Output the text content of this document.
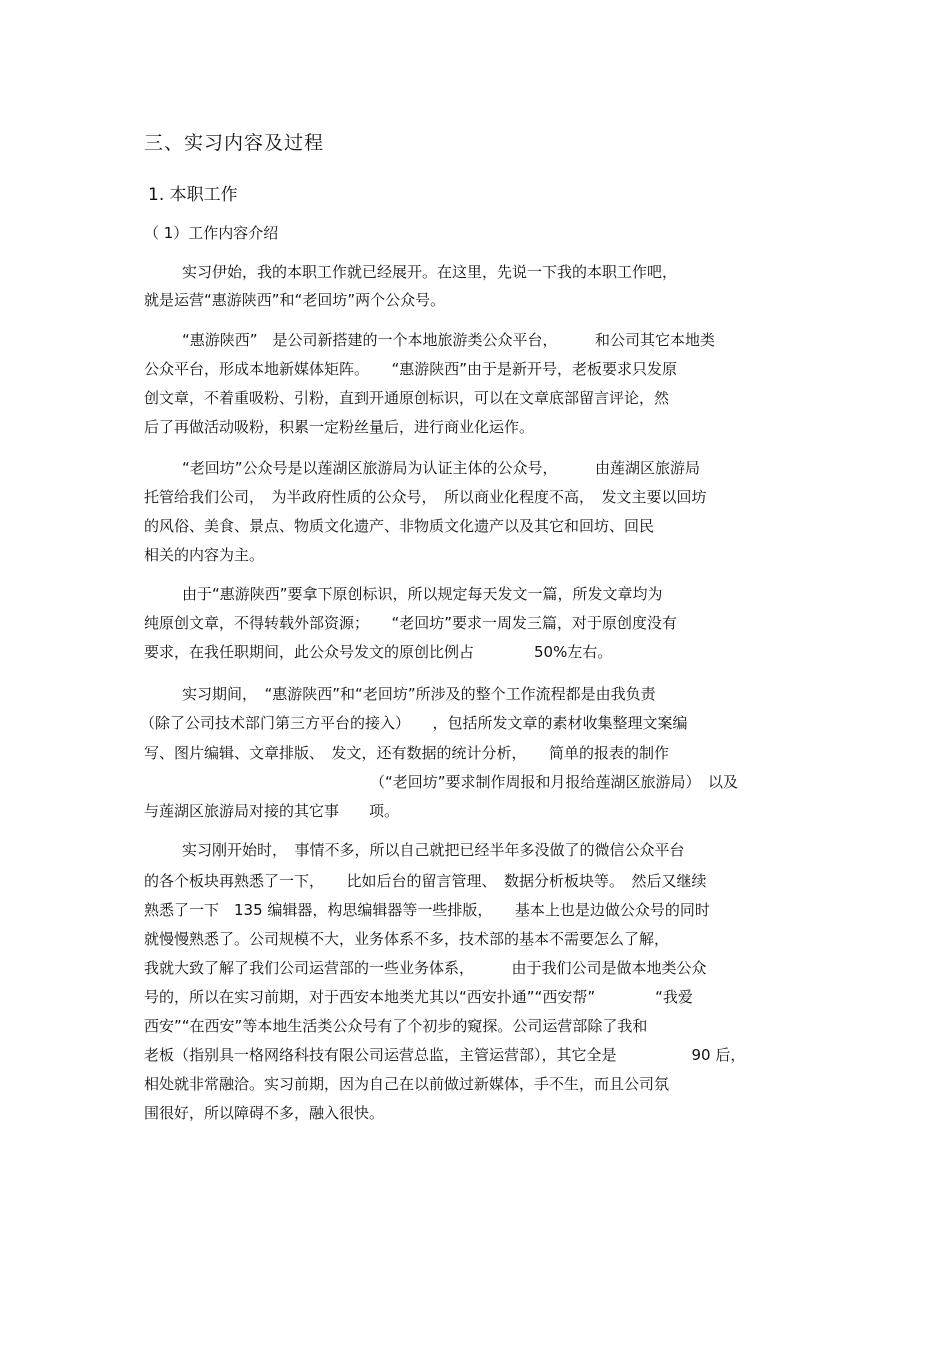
三、实习内容及过程
1. 本职工作
（ 1）工作内容介绍
实习伊始，我的本职工作就已经展开。在这里，先说一下我的本职工作吧，
就是运营“惠游陕西”和“老回坊”两个公众号。
“惠游陕西”　是公司新搭建的一个本地旅游类公众平台，　　　和公司其它本地类
公众平台，形成本地新媒体矩阵。　　“惠游陕西”由于是新开号，老板要求只发原
创文章，不着重吸粉、引粉，直到开通原创标识，可以在文章底部留言评论，然
后了再做活动吸粉，积累一定粉丝量后，进行商业化运作。
“老回坊”公众号是以莲湖区旅游局为认证主体的公众号，　　　由莲湖区旅游局
托管给我们公司，　为半政府性质的公众号，　所以商业化程度不高，　发文主要以回坊
的风俗、美食、景点、物质文化遗产、非物质文化遗产以及其它和回坊、回民
相关的内容为主。
由于“惠游陕西”要拿下原创标识，所以规定每天发文一篇，所发文章均为
纯原创文章，不得转载外部资源；　　“老回坊”要求一周发三篇，对于原创度没有
要求，在我任职期间，此公众号发文的原创比例占　　　　50%左右。
实习期间，　“惠游陕西”和“老回坊”所涉及的整个工作流程都是由我负责
（除了公司技术部门第三方平台的接入）　　，包括所发文章的素材收集整理文案编
写、图片编辑、文章排版、　发文，还有数据的统计分析，　　简单的报表的制作
（“老回坊”要求制作周报和月报给莲湖区旅游局）　以及
与莲湖区旅游局对接的其它事　　项。
实习刚开始时，　事情不多，所以自己就把已经半年多没做了的微信公众平台
的各个板块再熟悉了一下，　　比如后台的留言管理、　数据分析板块等。　然后又继续
熟悉了一下　135 编辑器，构思编辑器等一些排版，　　基本上也是边做公众号的同时
就慢慢熟悉了。公司规模不大，业务体系不多，技术部的基本不需要怎么了解，
我就大致了解了我们公司运营部的一些业务体系，　　　由于我们公司是做本地类公众
号的，所以在实习前期，对于西安本地类尤其以“西安扑通”“西安帮”　　　　“我爱
西安”“在西安”等本地生活类公众号有了个初步的窥探。公司运营部除了我和
老板（指别具一格网络科技有限公司运营总监，主管运营部），其它全是　　　　　90 后，
相处就非常融洽。实习前期，因为自己在以前做过新媒体，手不生，而且公司氛
围很好，所以障碍不多，融入很快。
